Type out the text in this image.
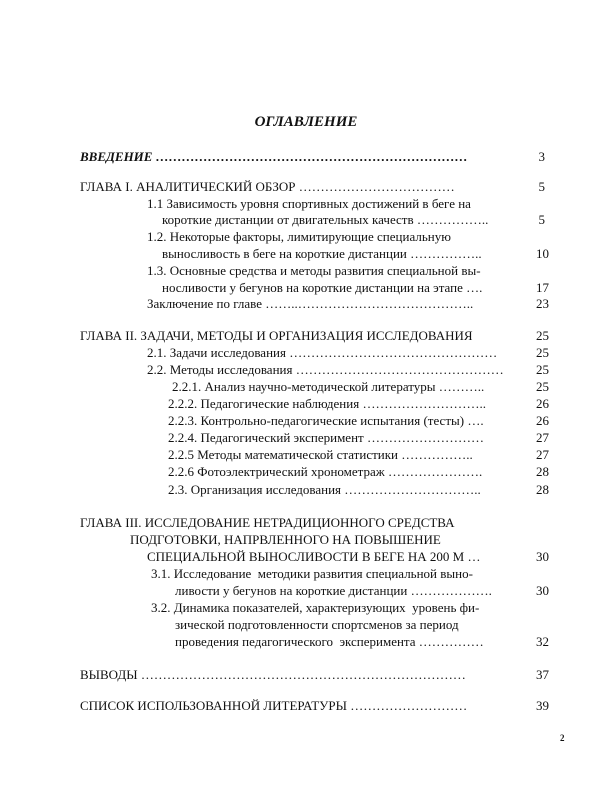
ОГЛАВЛЕНИЕ
ВВЕДЕНИЕ ………………………………………………………………	3
ГЛАВА I. АНАЛИТИЧЕСКИЙ ОБЗОР ………………………………	5
1.1 Зависимость уровня спортивных достижений в беге на
короткие дистанции от двигательных качеств ……………..	5
1.2. Некоторые факторы, лимитирующие специальную
выносливость в беге на короткие дистанции ……………..	10
1.3. Основные средства и методы развития специальной вы-
носливости у бегунов на короткие дистанции на этапе ….	17
Заключение по главе ……..…………………………………..	23
ГЛАВА II. ЗАДАЧИ, МЕТОДЫ И ОРГАНИЗАЦИЯ ИССЛЕДОВАНИЯ	25
2.1. Задачи исследования …………………………………………	25
2.2. Методы исследования …………………………………………	25
2.2.1. Анализ научно-методической литературы ………..	25
2.2.2. Педагогические наблюдения ………………………..	26
2.2.3. Контрольно-педагогические испытания (тесты) ….	26
2.2.4. Педагогический эксперимент ………………………	27
2.2.5 Методы математической статистики ……………..	27
2.2.6 Фотоэлектрический хронометраж ………………….	28
2.3. Организация исследования …………………………..	28
ГЛАВА III. ИССЛЕДОВАНИЕ НЕТРАДИЦИОННОГО СРЕДСТВА
ПОДГОТОВКИ, НАПРВЛЕННОГО НА ПОВЫШЕНИЕ
СПЕЦИАЛЬНОЙ ВЫНОСЛИВОСТИ В БЕГЕ НА 200 М …	30
3.1. Исследование  методики развития специальной выно-
ливости у бегунов на короткие дистанции ……………….	30
3.2. Динамика показателей, характеризующих  уровень фи-
зической подготовленности спортсменов за период
проведения педагогического  эксперимента ……………	32
ВЫВОДЫ …………………………………………………………………	37
СПИСОК ИСПОЛЬЗОВАННОЙ ЛИТЕРАТУРЫ ………………………	39
2
